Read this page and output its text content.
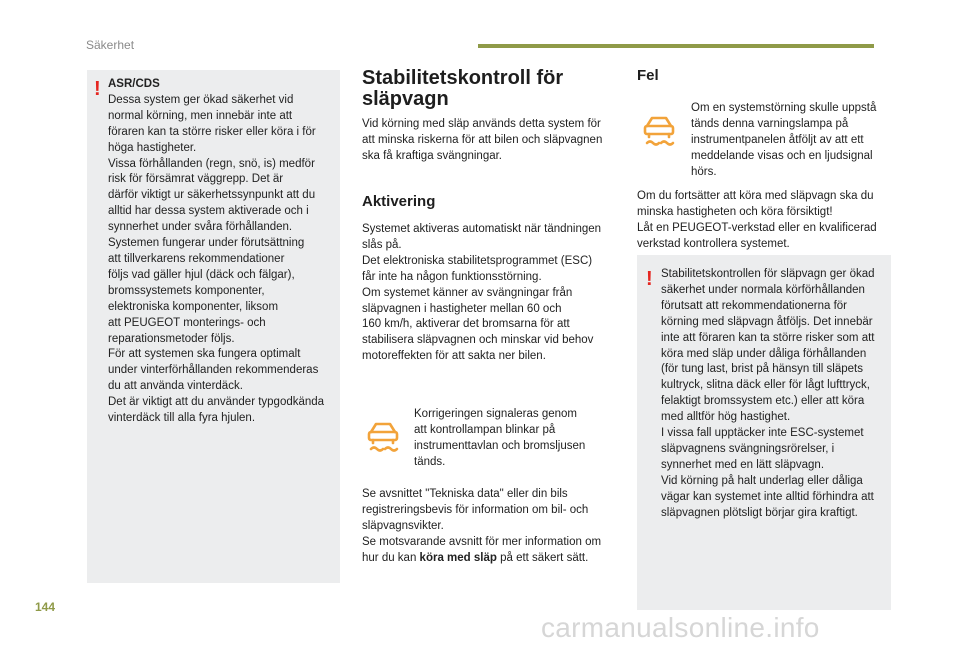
Säkerhet
! ASR/CDS

Dessa system ger ökad säkerhet vid
normal körning, men innebär inte att
föraren kan ta större risker eller köra i för
höga hastigheter.
Vissa förhållanden (regn, snö, is) medför
risk för försämrat väggrepp. Det är
därför viktigt ur säkerhetssynpunkt att du
alltid har dessa system aktiverade och i
synnerhet under svåra förhållanden.
Systemen fungerar under förutsättning
att tillverkarens rekommendationer
följs vad gäller hjul (däck och fälgar),
bromssystemets komponenter,
elektroniska komponenter, liksom
att PEUGEOT monterings- och
reparationsmetoder följs.
För att systemen ska fungera optimalt
under vinterförhållanden rekommenderas
du att använda vinterdäck.
Det är viktigt att du använder typgodkända
vinterdäck till alla fyra hjulen.
Stabilitetskontroll för
släpvagn
Vid körning med släp används detta system för
att minska riskerna för att bilen och släpvagnen
ska få kraftiga svängningar.
Aktivering
Systemet aktiveras automatiskt när tändningen
slås på.
Det elektroniska stabilitetsprogrammet (ESC)
får inte ha någon funktionsstörning.
Om systemet känner av svängningar från
släpvagnen i hastigheter mellan 60 och
160 km/h, aktiverar det bromsarna för att
stabilisera släpvagnen och minskar vid behov
motoreffekten för att sakta ner bilen.
Korrigeringen signaleras genom
att kontrollampan blinkar på
instrumenttavlan och bromsljusen
tänds.
Se avsnittet "Tekniska data" eller din bils
registreringsbevis för information om bil- och
släpvagnsvikter.
Se motsvarande avsnitt för mer information om
hur du kan köra med släp på ett säkert sätt.
Fel
Om en systemstörning skulle uppstå
tänds denna varningslampa på
instrumentpanelen åtföljt av att ett
meddelande visas och en ljudsignal
hörs.
Om du fortsätter att köra med släpvagn ska du
minska hastigheten och köra försiktigt!
Låt en PEUGEOT-verkstad eller en kvalificerad
verkstad kontrollera systemet.
! Stabilitetskontrollen för släpvagn ger ökad
säkerhet under normala körförhållanden
förutsatt att rekommendationerna för
körning med släpvagn åtföljs. Det innebär
inte att föraren kan ta större risker som att
köra med släp under dåliga förhållanden
(för tung last, brist på hänsyn till släpets
kultryck, slitna däck eller för lågt lufttryck,
felaktigt bromssystem etc.) eller att köra
med alltför hög hastighet.
I vissa fall upptäcker inte ESC-systemet
släpvagnens svängningsrörelser, i
synnerhet med en lätt släpvagn.
Vid körning på halt underlag eller dåliga
vägar kan systemet inte alltid förhindra att
släpvagnen plötsligt börjar gira kraftigt.
144
carmanualsonline.info
